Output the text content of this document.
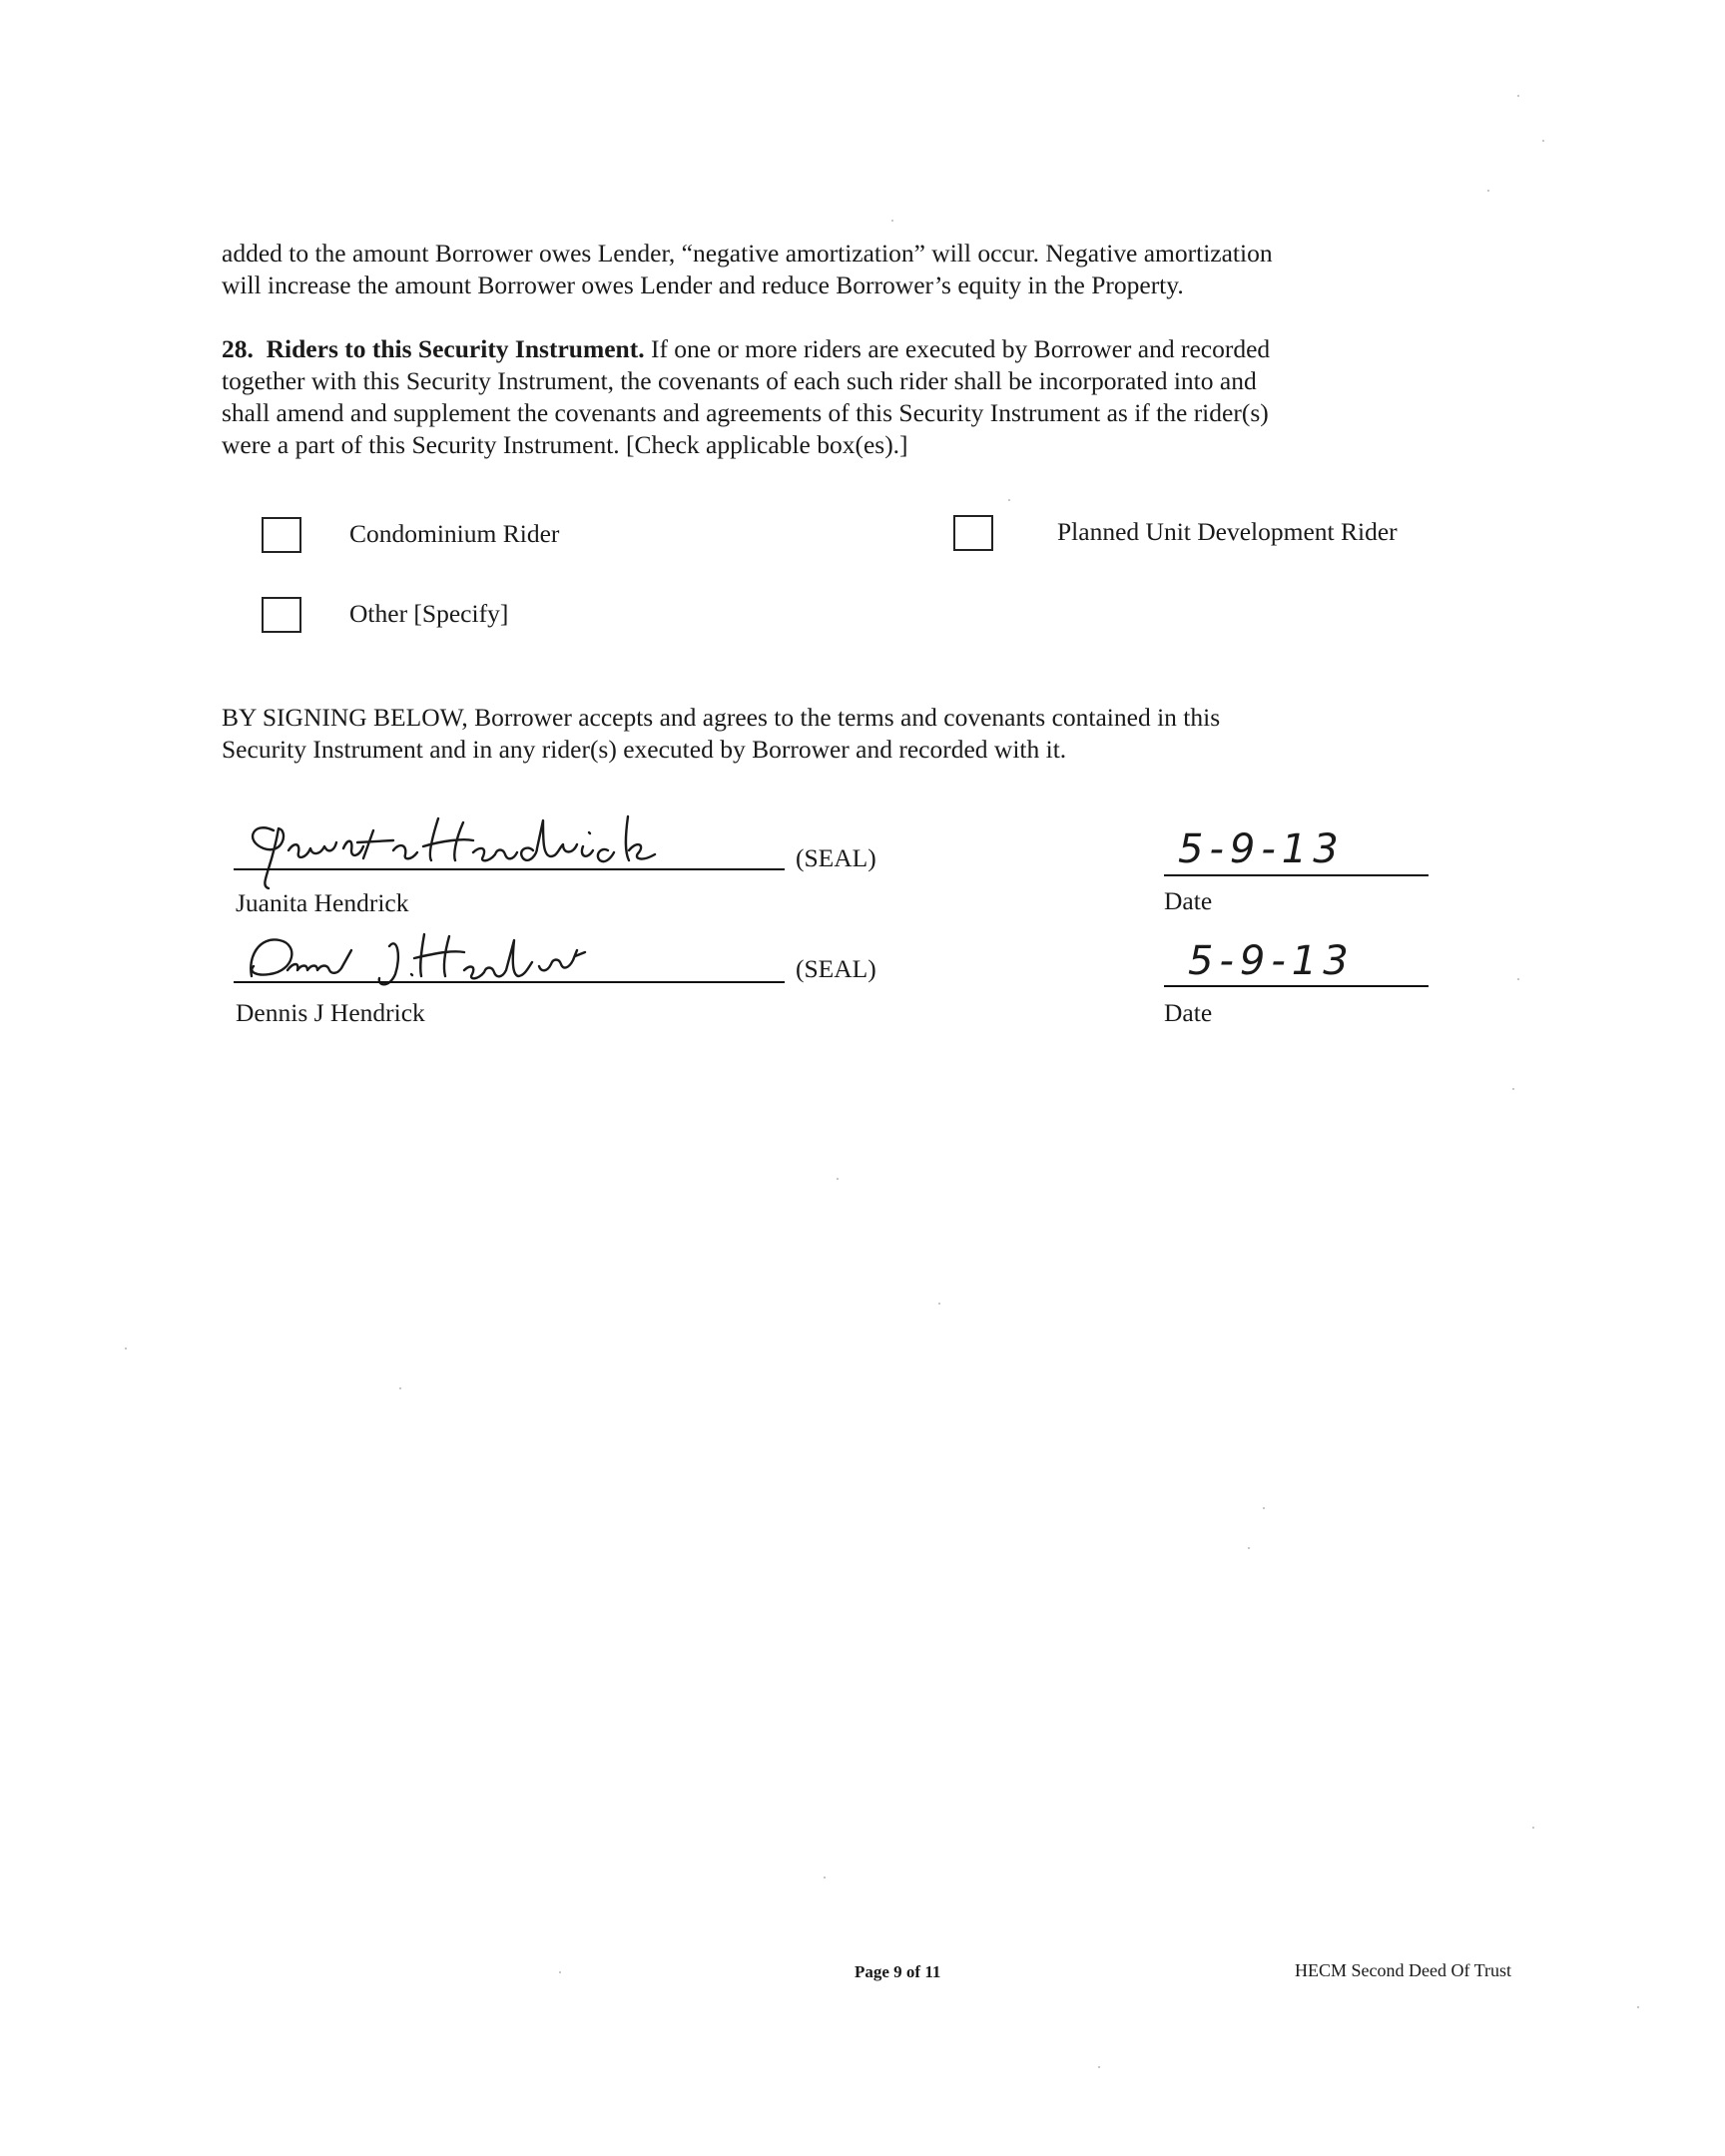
added to the amount Borrower owes Lender, “negative amortization” will occur. Negative amortization
will increase the amount Borrower owes Lender and reduce Borrower’s equity in the Property.

28. Riders to this Security Instrument. If one or more riders are executed by Borrower and recorded
together with this Security Instrument, the covenants of each such rider shall be incorporated into and
shall amend and supplement the covenants and agreements of this Security Instrument as if the rider(s)
were a part of this Security Instrument. [Check applicable box(es).]

Condominium Rider	Planned Unit Development Rider
Other [Specify]

BY SIGNING BELOW, Borrower accepts and agrees to the terms and covenants contained in this
Security Instrument and in any rider(s) executed by Borrower and recorded with it.

(SEAL)
Juanita Hendrick
5-9-13
Date
(SEAL)
Dennis J Hendrick
5-9-13
Date
Page 9 of 11	HECM Second Deed Of Trust
